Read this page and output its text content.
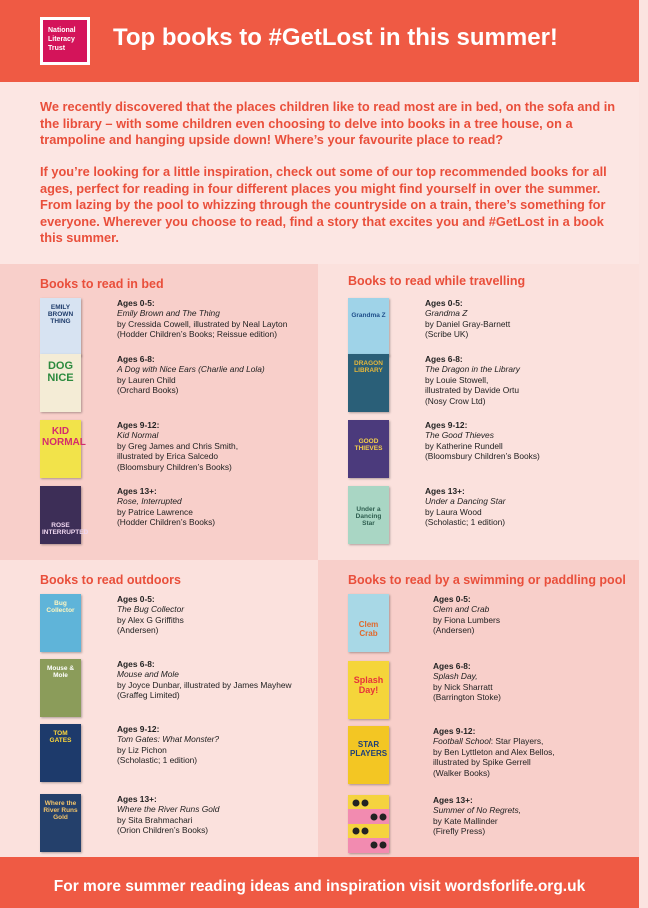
National Literacy Trust	Top books to #GetLost in this summer!

We recently discovered that the places children like to read most are in bed, on the sofa and in the library – with some children even choosing to delve into books in a tree house, on a trampoline and hanging upside down! Where’s your favourite place to read?

If you’re looking for a little inspiration, check out some of our top recommended books for all ages, perfect for reading in four different places you might find yourself in over the summer. From lazing by the pool to whizzing through the countryside on a train, there’s something for everyone. Wherever you choose to read, find a story that excites you and #GetLost in a book this summer.

Books to read in bed
EMILY BROWN THING
Ages 0-5:
Emily Brown and The Thing
by Cressida Cowell, illustrated by Neal Layton
(Hodder Children’s Books; Reissue edition)
DOG NICE
Ages 6-8:
A Dog with Nice Ears (Charlie and Lola)
by Lauren Child
(Orchard Books)
KID NORMAL
Ages 9-12:
Kid Normal
by Greg James and Chris Smith,
illustrated by Erica Salcedo
(Bloomsbury Children’s Books)
ROSE INTERRUPTED
Ages 13+:
Rose, Interrupted
by Patrice Lawrence
(Hodder Children’s Books)
Books to read while travelling
Grandma Z
Ages 0-5:
Grandma Z
by Daniel Gray-Barnett
(Scribe UK)
DRAGON LIBRARY
Ages 6-8:
The Dragon in the Library
by Louie Stowell,
illustrated by Davide Ortu
(Nosy Crow Ltd)
GOOD THIEVES
Ages 9-12:
The Good Thieves
by Katherine Rundell
(Bloomsbury Children’s Books)
Under a Dancing Star
Ages 13+:
Under a Dancing Star
by Laura Wood
(Scholastic; 1 edition)
Books to read outdoors
Bug Collector
Ages 0-5:
The Bug Collector
by Alex G Griffiths
(Andersen)
Mouse & Mole
Ages 6-8:
Mouse and Mole
by Joyce Dunbar, illustrated by James Mayhew
(Graffeg Limited)
TOM GATES
Ages 9-12:
Tom Gates: What Monster?
by Liz Pichon
(Scholastic; 1 edition)
Where the River Runs Gold
Ages 13+:
Where the River Runs Gold
by Sita Brahmachari
(Orion Children’s Books)
Books to read by a swimming or paddling pool
Clem Crab
Ages 0-5:
Clem and Crab
by Fiona Lumbers
(Andersen)
Splash Day!
Ages 6-8:
Splash Day,
by Nick Sharratt
(Barrington Stoke)
STAR PLAYERS
Ages 9-12:
Football School: Star Players,
by Ben Lyttleton and Alex Bellos,
illustrated by Spike Gerrell
(Walker Books)
Ages 13+:
Summer of No Regrets,
by Kate Mallinder
(Firefly Press)
For more summer reading ideas and inspiration visit wordsforlife.org.uk
